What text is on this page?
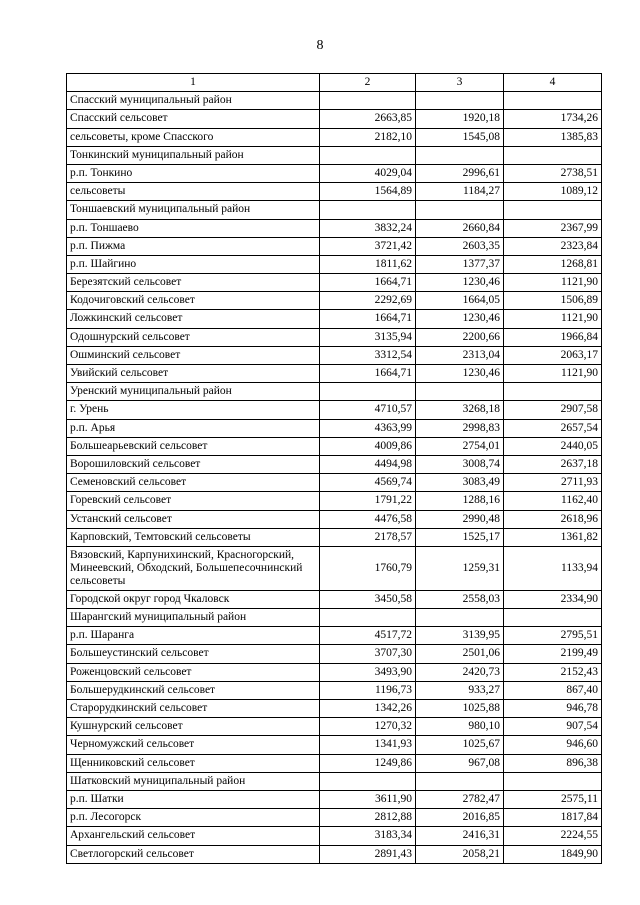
8
1	2	3	4
Спасский муниципальный район			
Спасский сельсовет	2663,85	1920,18	1734,26
сельсоветы, кроме Спасского	2182,10	1545,08	1385,83
Тонкинский муниципальный район			
р.п. Тонкино	4029,04	2996,61	2738,51
сельсоветы	1564,89	1184,27	1089,12
Тоншаевский муниципальный район			
р.п. Тоншаево	3832,24	2660,84	2367,99
р.п. Пижма	3721,42	2603,35	2323,84
р.п. Шайгино	1811,62	1377,37	1268,81
Березятский сельсовет	1664,71	1230,46	1121,90
Кодочиговский сельсовет	2292,69	1664,05	1506,89
Ложкинский сельсовет	1664,71	1230,46	1121,90
Одошнурский сельсовет	3135,94	2200,66	1966,84
Ошминский сельсовет	3312,54	2313,04	2063,17
Увийский сельсовет	1664,71	1230,46	1121,90
Уренский муниципальный район			
г. Урень	4710,57	3268,18	2907,58
р.п. Арья	4363,99	2998,83	2657,54
Большеарьевский сельсовет	4009,86	2754,01	2440,05
Ворошиловский сельсовет	4494,98	3008,74	2637,18
Семеновский сельсовет	4569,74	3083,49	2711,93
Горевский сельсовет	1791,22	1288,16	1162,40
Устанский сельсовет	4476,58	2990,48	2618,96
Карповский, Темтовский сельсоветы	2178,57	1525,17	1361,82
Вязовский, Карпунихинский, Красногорский, Минеевский, Обходский, Большепесочнинский сельсоветы	1760,79	1259,31	1133,94
Городской округ город Чкаловск	3450,58	2558,03	2334,90
Шарангский муниципальный район			
р.п. Шаранга	4517,72	3139,95	2795,51
Большеустинский сельсовет	3707,30	2501,06	2199,49
Роженцовский сельсовет	3493,90	2420,73	2152,43
Большерудкинский сельсовет	1196,73	933,27	867,40
Старорудкинский сельсовет	1342,26	1025,88	946,78
Кушнурский сельсовет	1270,32	980,10	907,54
Черномужский сельсовет	1341,93	1025,67	946,60
Щенниковский сельсовет	1249,86	967,08	896,38
Шатковский муниципальный район			
р.п. Шатки	3611,90	2782,47	2575,11
р.п. Лесогорск	2812,88	2016,85	1817,84
Архангельский сельсовет	3183,34	2416,31	2224,55
Светлогорский сельсовет	2891,43	2058,21	1849,90
